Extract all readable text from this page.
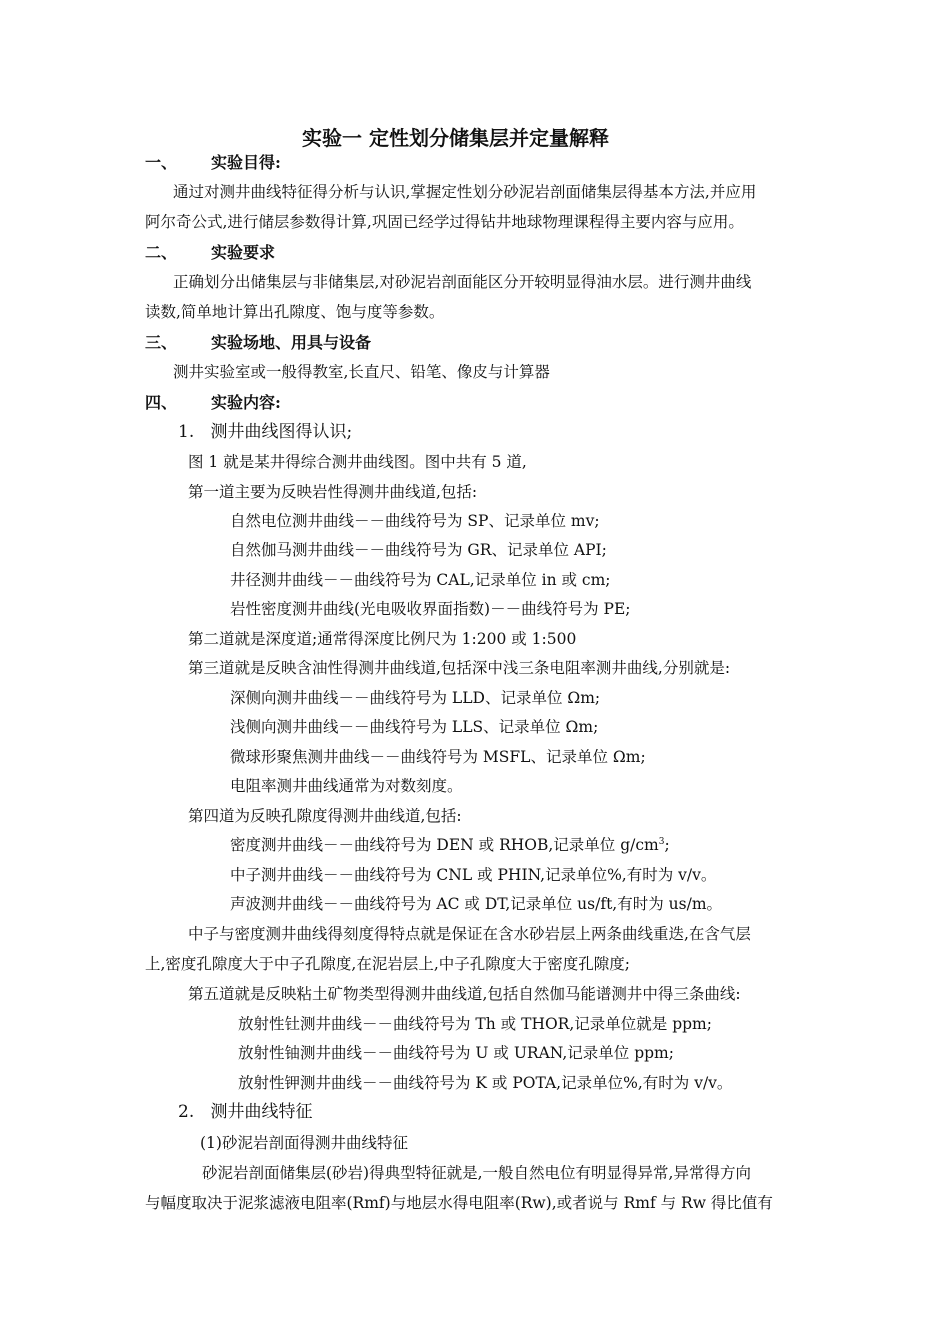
实验一 定性划分储集层并定量解释
一、 实验目得:
通过对测井曲线特征得分析与认识,掌握定性划分砂泥岩剖面储集层得基本方法,并应用
阿尔奇公式,进行储层参数得计算,巩固已经学过得钻井地球物理课程得主要内容与应用。
二、 实验要求
正确划分出储集层与非储集层,对砂泥岩剖面能区分开较明显得油水层。进行测井曲线
读数,简单地计算出孔隙度、饱与度等参数。
三、 实验场地、用具与设备
测井实验室或一般得教室,长直尺、铅笔、像皮与计算器
四、 实验内容:
1. 测井曲线图得认识;
图 1 就是某井得综合测井曲线图。图中共有 5 道,
第一道主要为反映岩性得测井曲线道,包括:
自然电位测井曲线－－曲线符号为 SP、记录单位 mv;
自然伽马测井曲线－－曲线符号为 GR、记录单位 API;
井径测井曲线－－曲线符号为 CAL,记录单位 in 或 cm;
岩性密度测井曲线(光电吸收界面指数)－－曲线符号为 PE;
第二道就是深度道;通常得深度比例尺为 1:200 或 1:500
第三道就是反映含油性得测井曲线道,包括深中浅三条电阻率测井曲线,分别就是:
深侧向测井曲线－－曲线符号为 LLD、记录单位 Ωm;
浅侧向测井曲线－－曲线符号为 LLS、记录单位 Ωm;
微球形聚焦测井曲线－－曲线符号为 MSFL、记录单位 Ωm;
电阻率测井曲线通常为对数刻度。
第四道为反映孔隙度得测井曲线道,包括:
密度测井曲线－－曲线符号为 DEN 或 RHOB,记录单位 $g/cm^3$;
中子测井曲线－－曲线符号为 CNL 或 PHIN,记录单位%,有时为 v/v。
声波测井曲线－－曲线符号为 AC 或 DT,记录单位 us/ft,有时为 us/m。
中子与密度测井曲线得刻度得特点就是保证在含水砂岩层上两条曲线重迭,在含气层
上,密度孔隙度大于中子孔隙度,在泥岩层上,中子孔隙度大于密度孔隙度;
第五道就是反映粘土矿物类型得测井曲线道,包括自然伽马能谱测井中得三条曲线:
放射性钍测井曲线－－曲线符号为 Th 或 THOR,记录单位就是 ppm;
放射性铀测井曲线－－曲线符号为 U 或 URAN,记录单位 ppm;
放射性钾测井曲线－－曲线符号为 K 或 POTA,记录单位%,有时为 v/v。
2. 测井曲线特征
(1)砂泥岩剖面得测井曲线特征
砂泥岩剖面储集层(砂岩)得典型特征就是,一般自然电位有明显得异常,异常得方向
与幅度取决于泥浆滤液电阻率(Rmf)与地层水得电阻率(Rw),或者说与 Rmf 与 Rw 得比值有
